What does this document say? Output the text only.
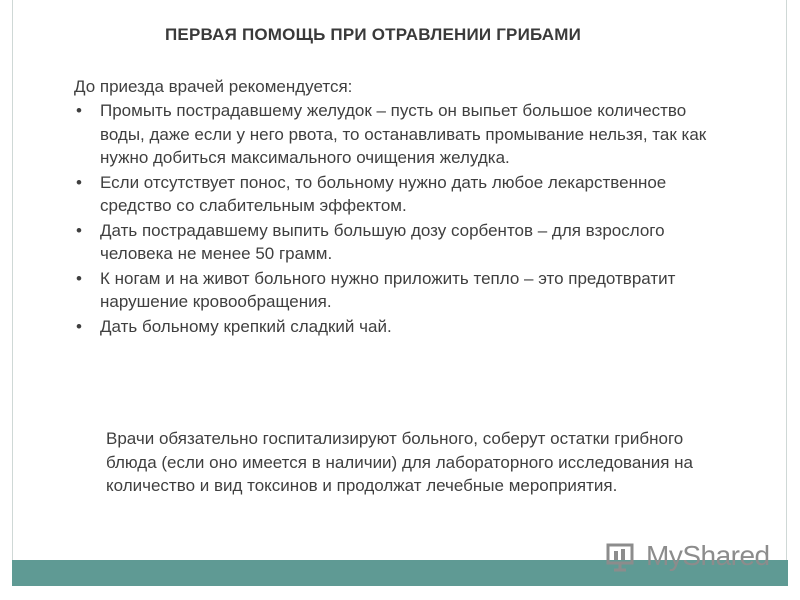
ПЕРВАЯ ПОМОЩЬ ПРИ ОТРАВЛЕНИИ ГРИБАМИ
До приезда врачей рекомендуется:
• Промыть пострадавшему желудок – пусть он выпьет большое количество воды, даже если у него рвота, то останавливать промывание нельзя, так как нужно добиться максимального очищения желудка.
• Если отсутствует понос, то больному нужно дать любое лекарственное средство со слабительным эффектом.
• Дать пострадавшему выпить большую дозу сорбентов – для взрослого человека не менее 50 грамм.
• К ногам и на живот больного нужно приложить тепло – это предотвратит нарушение кровообращения.
• Дать больному крепкий сладкий чай.
Врачи обязательно госпитализируют больного, соберут остатки грибного блюда (если оно имеется в наличии) для лабораторного исследования на количество и вид токсинов и продолжат лечебные мероприятия.
MyShared
